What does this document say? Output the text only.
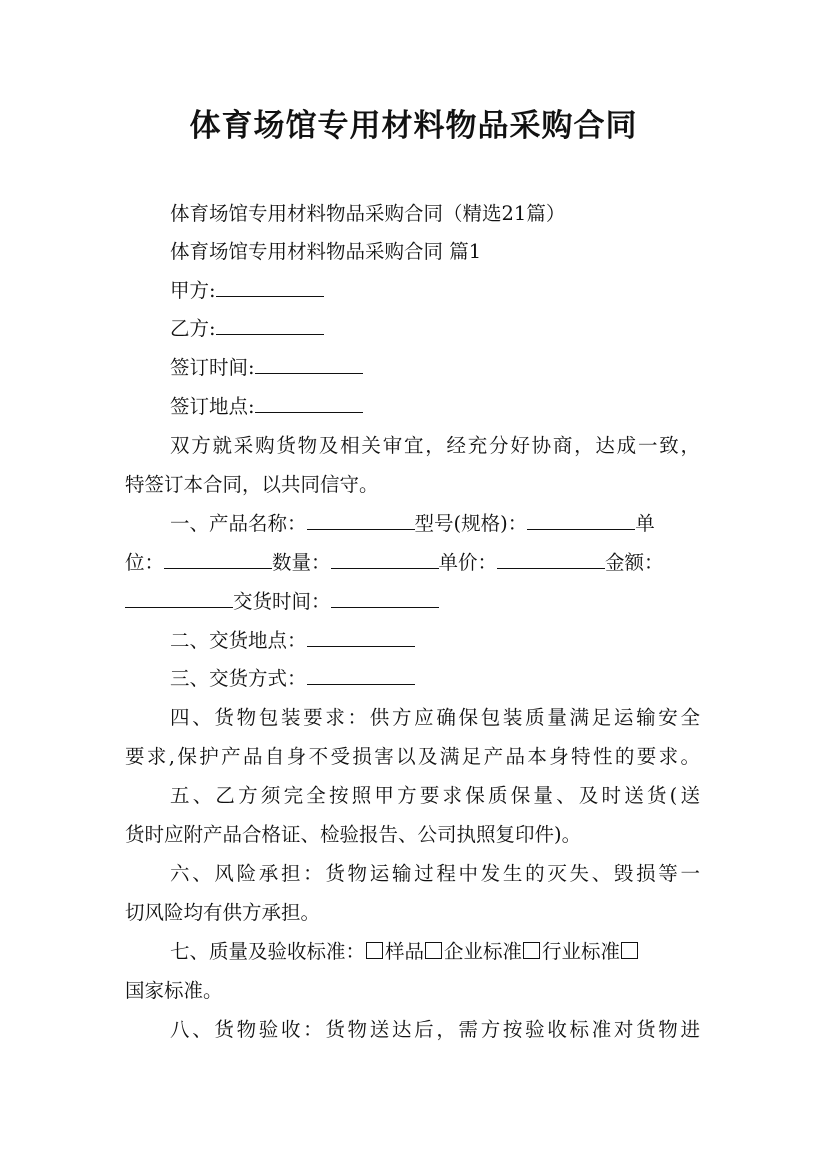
体育场馆专用材料物品采购合同
体育场馆专用材料物品采购合同（精选21篇）
体育场馆专用材料物品采购合同 篇1
甲方:
乙方:
签订时间:
签订地点:
双方就采购货物及相关审宜，经充分好协商，达成一致，
特签订本合同，以共同信守。
一、产品名称：	型号(规格)：	单
位：	数量：	单价：	金额：
交货时间：
二、交货地点：
三、交货方式：
四、货物包装要求：供方应确保包装质量满足运输安全
要求,保护产品自身不受损害以及满足产品本身特性的要求。
五、乙方须完全按照甲方要求保质保量、及时送货(送
货时应附产品合格证、检验报告、公司执照复印件)。
六、风险承担：货物运输过程中发生的灭失、毁损等一
切风险均有供方承担。
七、质量及验收标准： 样品 企业标准 行业标准
国家标准。
八、货物验收：货物送达后，需方按验收标准对货物进
